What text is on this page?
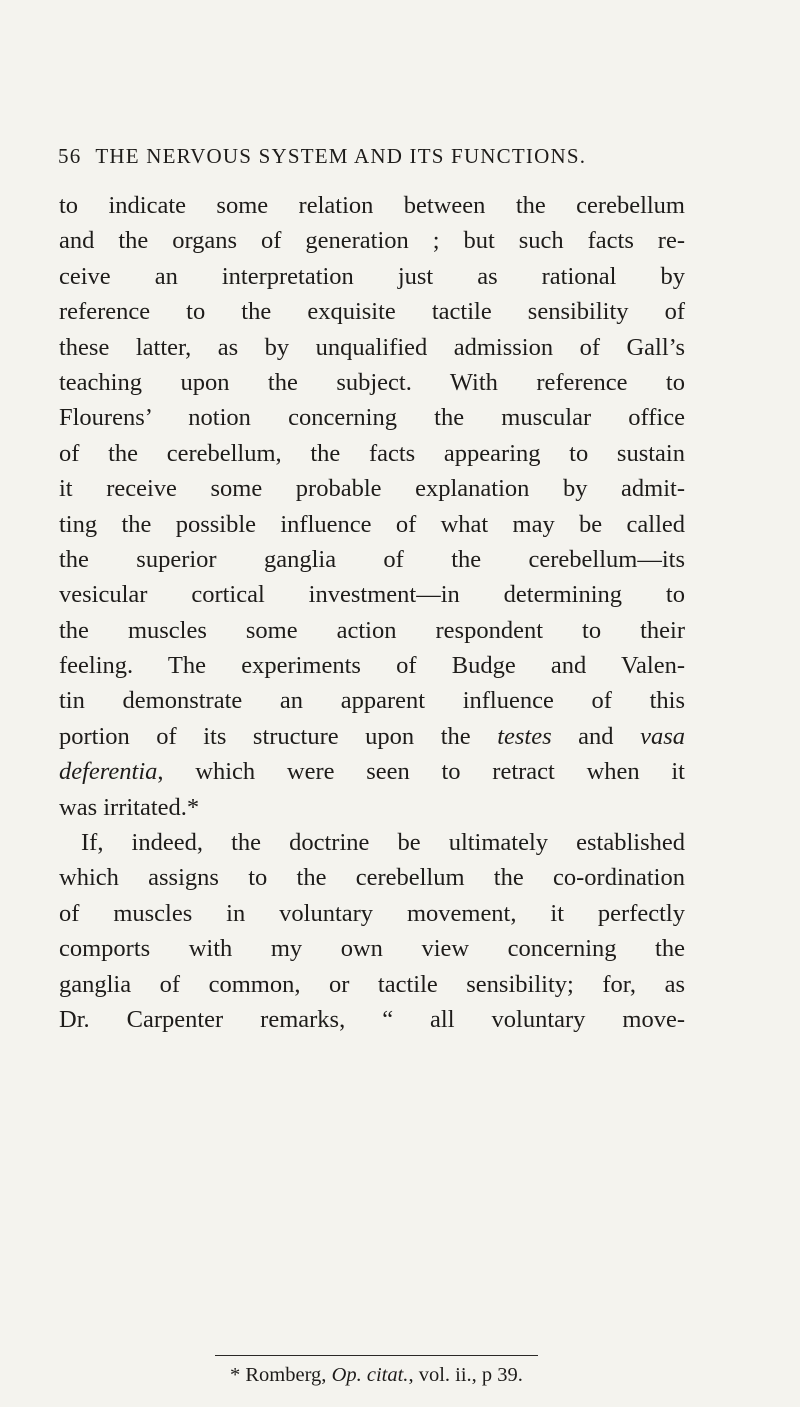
56 THE NERVOUS SYSTEM AND ITS FUNCTIONS.
to indicate some relation between the cerebellum
and the organs of generation ; but such facts re-
ceive an interpretation just as rational by
reference to the exquisite tactile sensibility of
these latter, as by unqualified admission of Gall’s
teaching upon the subject. With reference to
Flourens’ notion concerning the muscular office
of the cerebellum, the facts appearing to sustain
it receive some probable explanation by admit-
ting the possible influence of what may be called
the superior ganglia of the cerebellum—its
vesicular cortical investment—in determining to
the muscles some action respondent to their
feeling. The experiments of Budge and Valen-
tin demonstrate an apparent influence of this
portion of its structure upon the testes and vasa
deferentia, which were seen to retract when it
was irritated.*
If, indeed, the doctrine be ultimately established
which assigns to the cerebellum the co-ordination
of muscles in voluntary movement, it perfectly
comports with my own view concerning the
ganglia of common, or tactile sensibility; for, as
Dr. Carpenter remarks, “ all voluntary move-
* Romberg, Op. citat., vol. ii., p 39.
